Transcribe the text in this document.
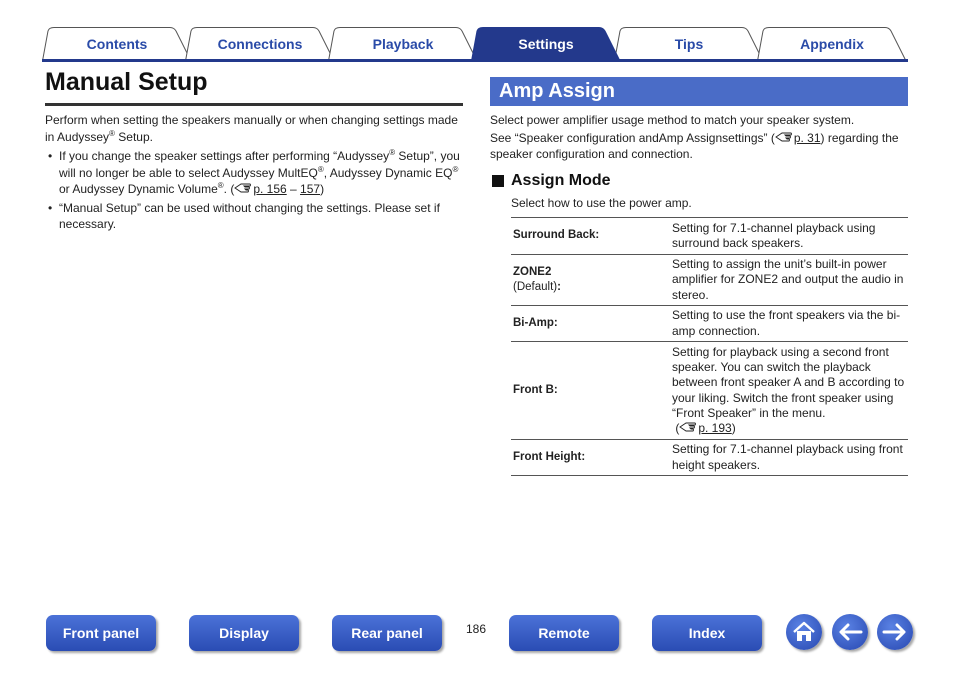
Contents	Connections	Playback	Tips	Appendix
Settings
Manual Setup

Perform when setting the speakers manually or when changing settings made in Audyssey® Setup.

• If you change the speaker settings after performing “Audyssey® Setup”, you will no longer be able to select Audyssey MultEQ®, Audyssey Dynamic EQ® or Audyssey Dynamic Volume®. ( p. 156 – 157)
• “Manual Setup” can be used without changing the settings. Please set if necessary.
Amp Assign

Select power amplifier usage method to match your speaker system.

See “Speaker configuration andAmp Assignsettings” ( p. 31) regarding the speaker configuration and connection.

Assign Mode
Select how to use the power amp.
Surround Back:	Setting for 7.1-channel playback using surround back speakers.
ZONE2
(Default):	Setting to assign the unit’s built-in power amplifier for ZONE2 and output the audio in stereo.
Bi-Amp:	Setting to use the front speakers via the bi-amp connection.
Front B:	Setting for playback using a second front speaker. You can switch the playback between front speaker A and B according to your liking. Switch the front speaker using “Front Speaker” in the menu.
( p. 193)
Front Height:	Setting for 7.1-channel playback using front height speakers.
Front panel	Display	Rear panel	186	Remote	Index
